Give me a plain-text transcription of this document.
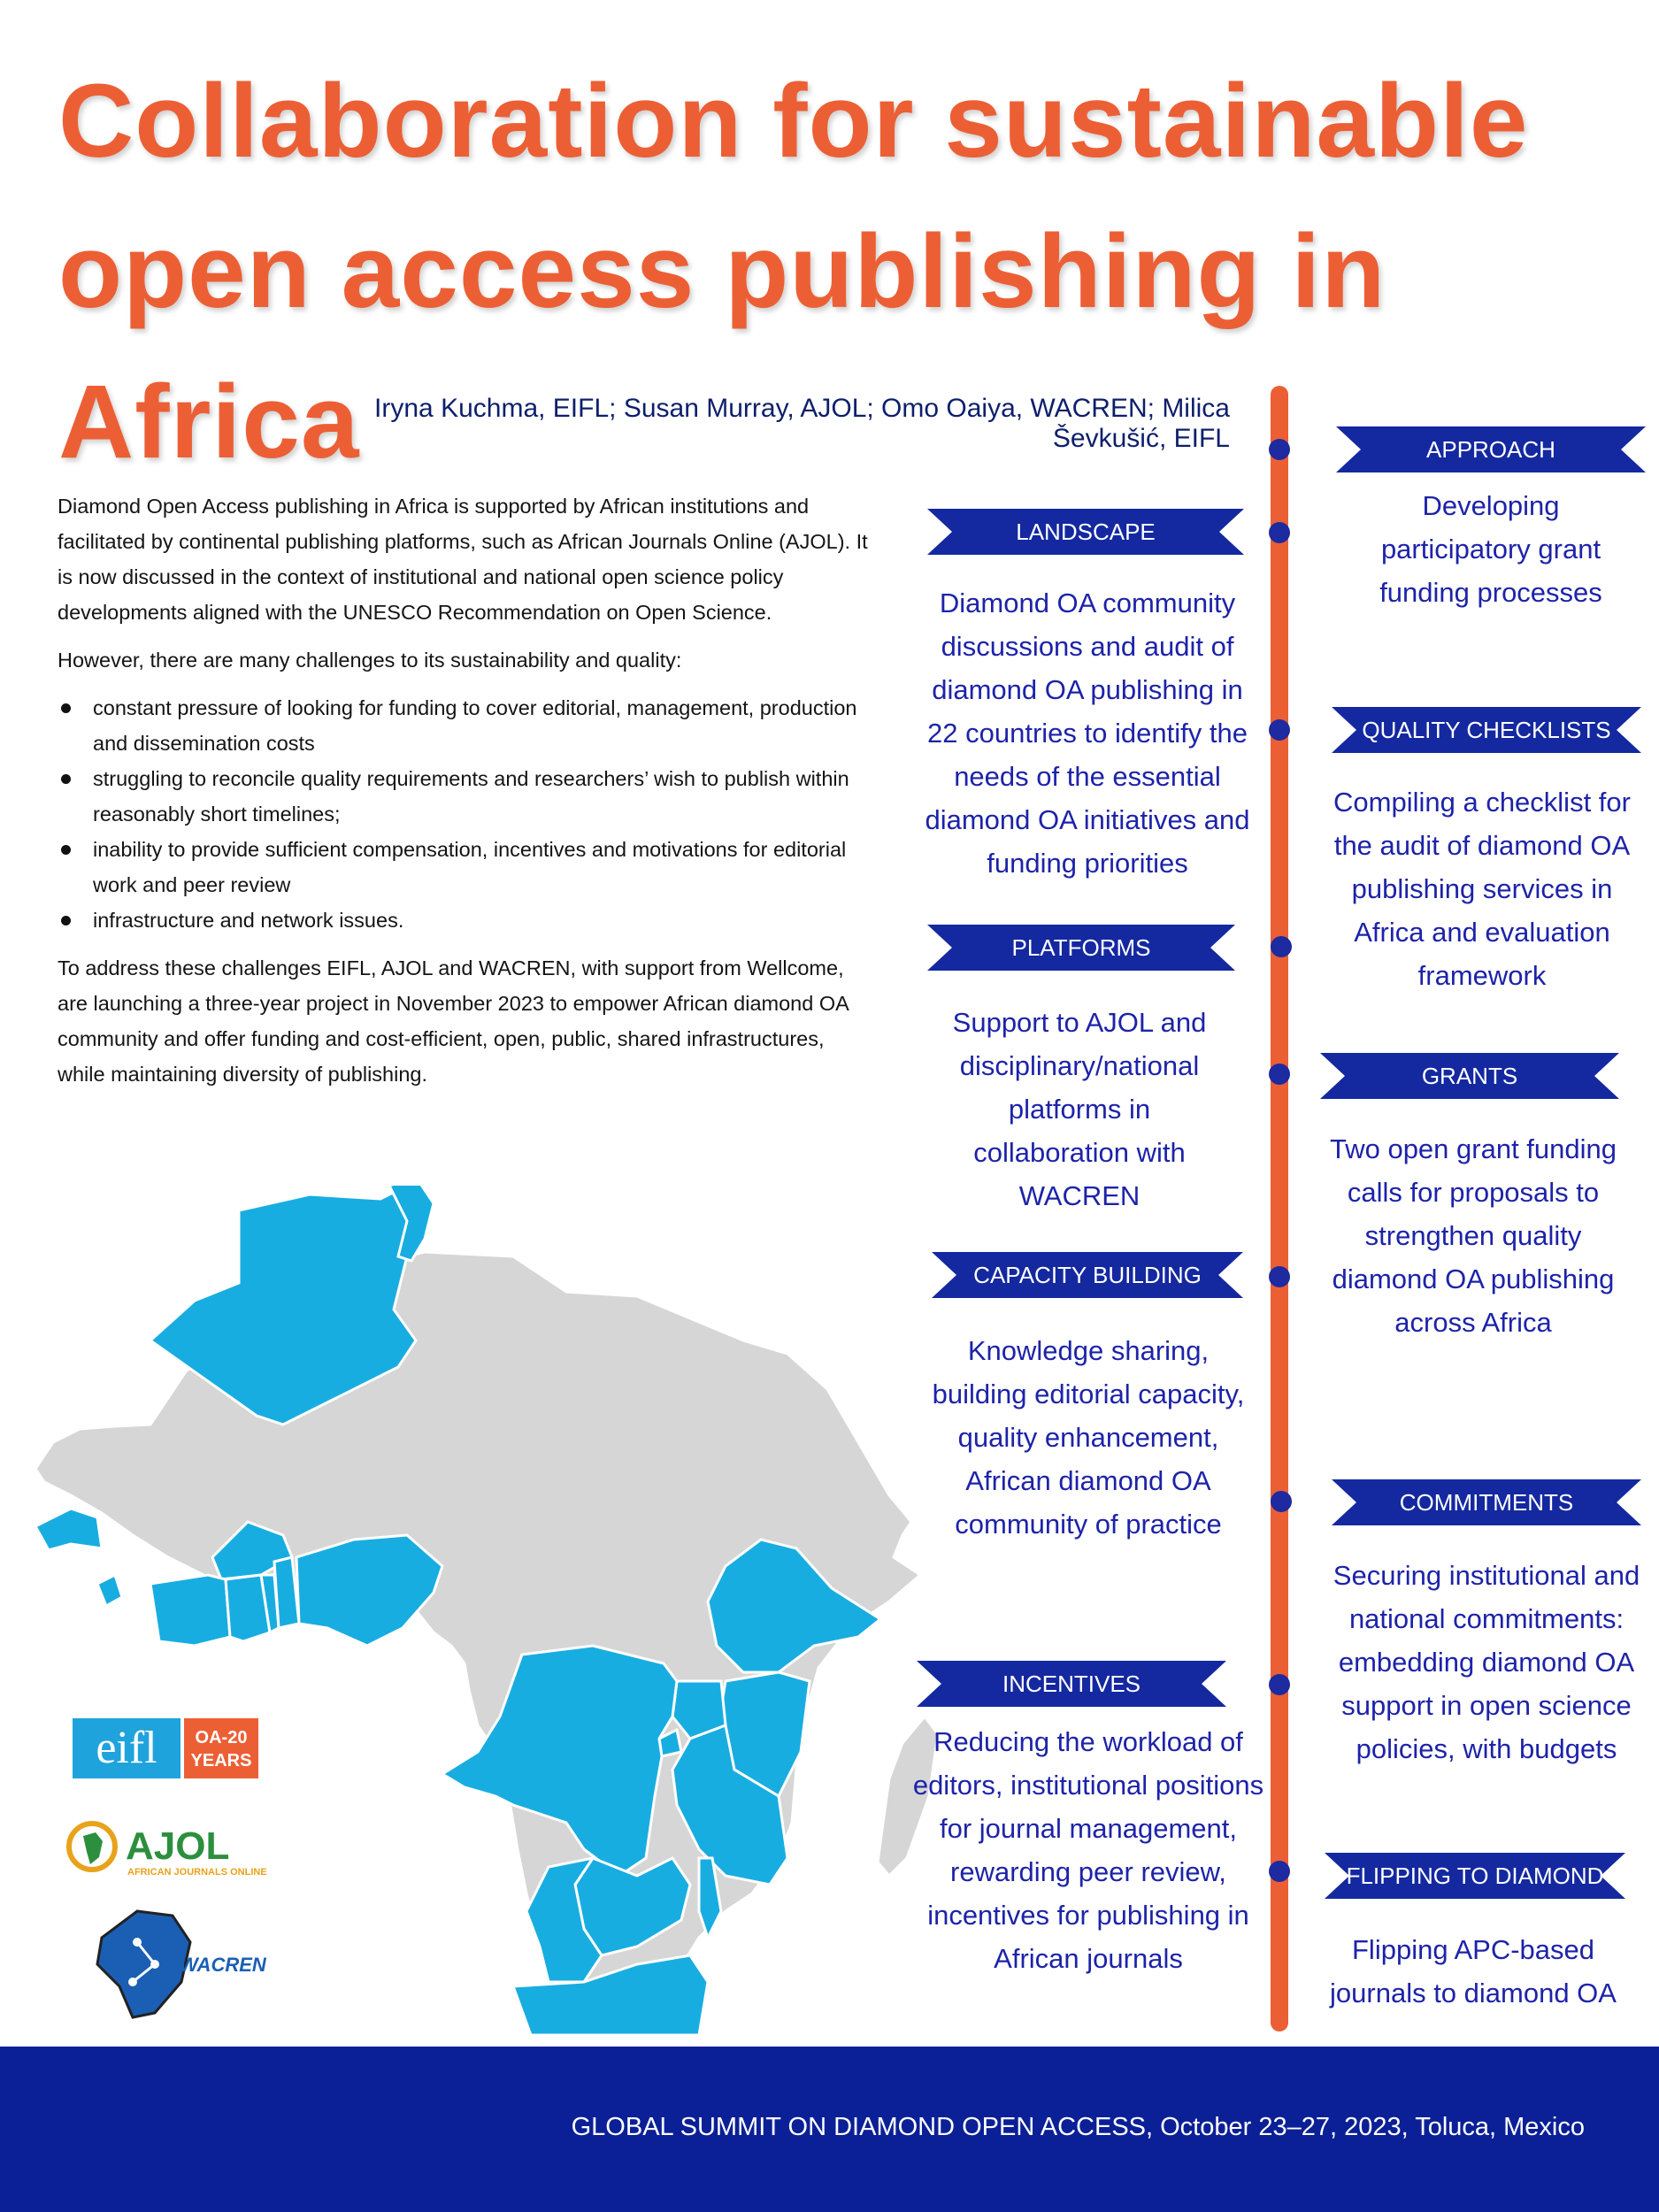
Collaboration for sustainable
open access publishing in Africa Iryna Kuchma, EIFL; Susan Murray, AJOL; Omo Oaiya, WACREN; Milica Ševkušić, EIFL

Diamond Open Access publishing in Africa is supported by African institutions and facilitated by continental publishing platforms, such as African Journals Online (AJOL). It is now discussed in the context of institutional and national open science policy developments aligned with the UNESCO Recommendation on Open Science.

However, there are many challenges to its sustainability and quality:

constant pressure of looking for funding to cover editorial, management, production and dissemination costs
struggling to reconcile quality requirements and researchers’ wish to publish within reasonably short timelines;
inability to provide sufficient compensation, incentives and motivations for editorial work and peer review
infrastructure and network issues.

To address these challenges EIFL, AJOL and WACREN, with support from Wellcome, are launching a three-year project in November 2023 to empower African diamond OA community and offer funding and cost-efficient, open, public, shared infrastructures, while maintaining diversity of publishing.

eifl OA-20
YEARS
AJOL
AFRICAN JOURNALS ONLINE
WACREN
LANDSCAPE
Diamond OA community discussions and audit of diamond OA publishing in 22 countries to identify the needs of the essential diamond OA initiatives and funding priorities
PLATFORMS
Support to AJOL and disciplinary/national platforms in collaboration with WACREN
CAPACITY BUILDING
Knowledge sharing, building editorial capacity, quality enhancement, African diamond OA community of practice
INCENTIVES
Reducing the workload of editors, institutional positions for journal management, rewarding peer review, incentives for publishing in African journals
APPROACH
Developing participatory grant funding processes
QUALITY CHECKLISTS
Compiling a checklist for the audit of diamond OA publishing services in Africa and evaluation framework
GRANTS
Two open grant funding calls for proposals to strengthen quality diamond OA publishing across Africa
COMMITMENTS
Securing institutional and national commitments: embedding diamond OA support in open science policies, with budgets
FLIPPING TO DIAMOND
Flipping APC-based journals to diamond OA
GLOBAL SUMMIT ON DIAMOND OPEN ACCESS, October 23–27, 2023, Toluca, Mexico
